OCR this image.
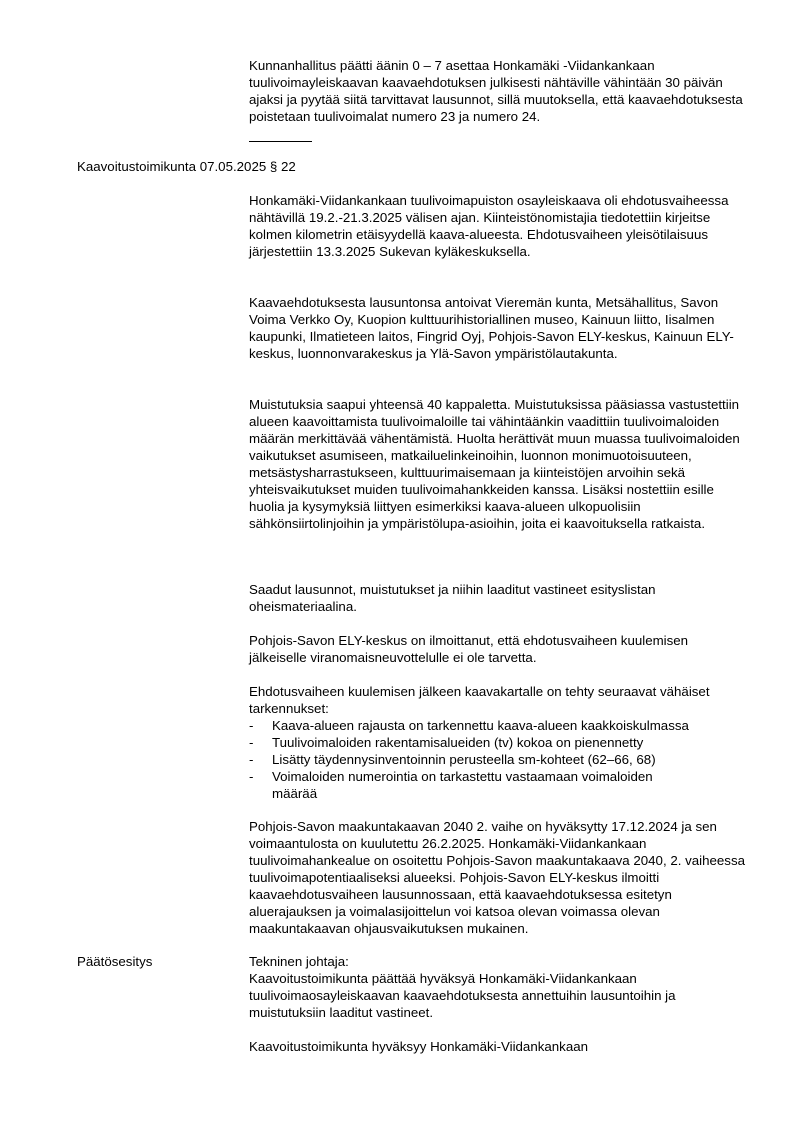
Kunnanhallitus päätti äänin 0 – 7 asettaa Honkamäki -Viidankankaan tuulivoimayleiskaavan kaavaehdotuksen julkisesti nähtäville vähintään 30 päivän ajaksi ja pyytää siitä tarvittavat lausunnot, sillä muutoksella, että kaavaehdotuksesta poistetaan tuulivoimalat numero 23 ja numero 24.

Kaavoitustoimikunta 07.05.2025 § 22

Honkamäki-Viidankankaan tuulivoimapuiston osayleiskaava oli ehdotusvaiheessa nähtävillä 19.2.-21.3.2025 välisen ajan. Kiinteistönomistajia tiedotettiin kirjeitse kolmen kilometrin etäisyydellä kaava-alueesta. Ehdotusvaiheen yleisötilaisuus järjestettiin 13.3.2025 Sukevan kyläkeskuksella.

Kaavaehdotuksesta lausuntonsa antoivat Vieremän kunta, Metsähallitus, Savon Voima Verkko Oy, Kuopion kulttuurihistoriallinen museo, Kainuun liitto, Iisalmen kaupunki, Ilmatieteen laitos, Fingrid Oyj, Pohjois-Savon ELY-keskus, Kainuun ELY-keskus, luonnonvarakeskus ja Ylä-Savon ympäristölautakunta.

Muistutuksia saapui yhteensä 40 kappaletta. Muistutuksissa pääsiassa vastustettiin alueen kaavoittamista tuulivoimaloille tai vähintäänkin vaadittiin tuulivoimaloiden määrän merkittävää vähentämistä. Huolta herättivät muun muassa tuulivoimaloiden vaikutukset asumiseen, matkailuelinkeinoihin, luonnon monimuotoisuuteen, metsästysharrastukseen, kulttuurimaisemaan ja kiinteistöjen arvoihin sekä yhteisvaikutukset muiden tuulivoimahankkeiden kanssa. Lisäksi nostettiin esille huolia ja kysymyksiä liittyen esimerkiksi kaava-alueen ulkopuolisiin sähkönsiirtolinjoihin ja ympäristölupa-asioihin, joita ei kaavoituksella ratkaista.

Saadut lausunnot, muistutukset ja niihin laaditut vastineet esityslistan oheismateriaalina.

Pohjois-Savon ELY-keskus on ilmoittanut, että ehdotusvaiheen kuulemisen jälkeiselle viranomaisneuvottelulle ei ole tarvetta.

Ehdotusvaiheen kuulemisen jälkeen kaavakartalle on tehty seuraavat vähäiset tarkennukset:

- Kaava-alueen rajausta on tarkennettu kaava-alueen kaakkoiskulmassa
- Tuulivoimaloiden rakentamisalueiden (tv) kokoa on pienennetty
- Lisätty täydennysinventoinnin perusteella sm-kohteet (62–66, 68)
- Voimaloiden numerointia on tarkastettu vastaamaan voimaloiden määrää

Pohjois-Savon maakuntakaavan 2040 2. vaihe on hyväksytty 17.12.2024 ja sen voimaantulosta on kuulutettu 26.2.2025. Honkamäki-Viidankankaan tuulivoimahankealue on osoitettu Pohjois-Savon maakuntakaava 2040, 2. vaiheessa tuulivoimapotentiaaliseksi alueeksi. Pohjois-Savon ELY-keskus ilmoitti kaavaehdotusvaiheen lausunnossaan, että kaavaehdotuksessa esitetyn aluerajauksen ja voimalasijoittelun voi katsoa olevan voimassa olevan maakuntakaavan ohjausvaikutuksen mukainen.

Päätösesitys	Tekninen johtaja:

Kaavoitustoimikunta päättää hyväksyä Honkamäki-Viidankankaan tuulivoimaosayleiskaavan kaavaehdotuksesta annettuihin lausuntoihin ja muistutuksiin laaditut vastineet.

Kaavoitustoimikunta hyväksyy Honkamäki-Viidankankaan
